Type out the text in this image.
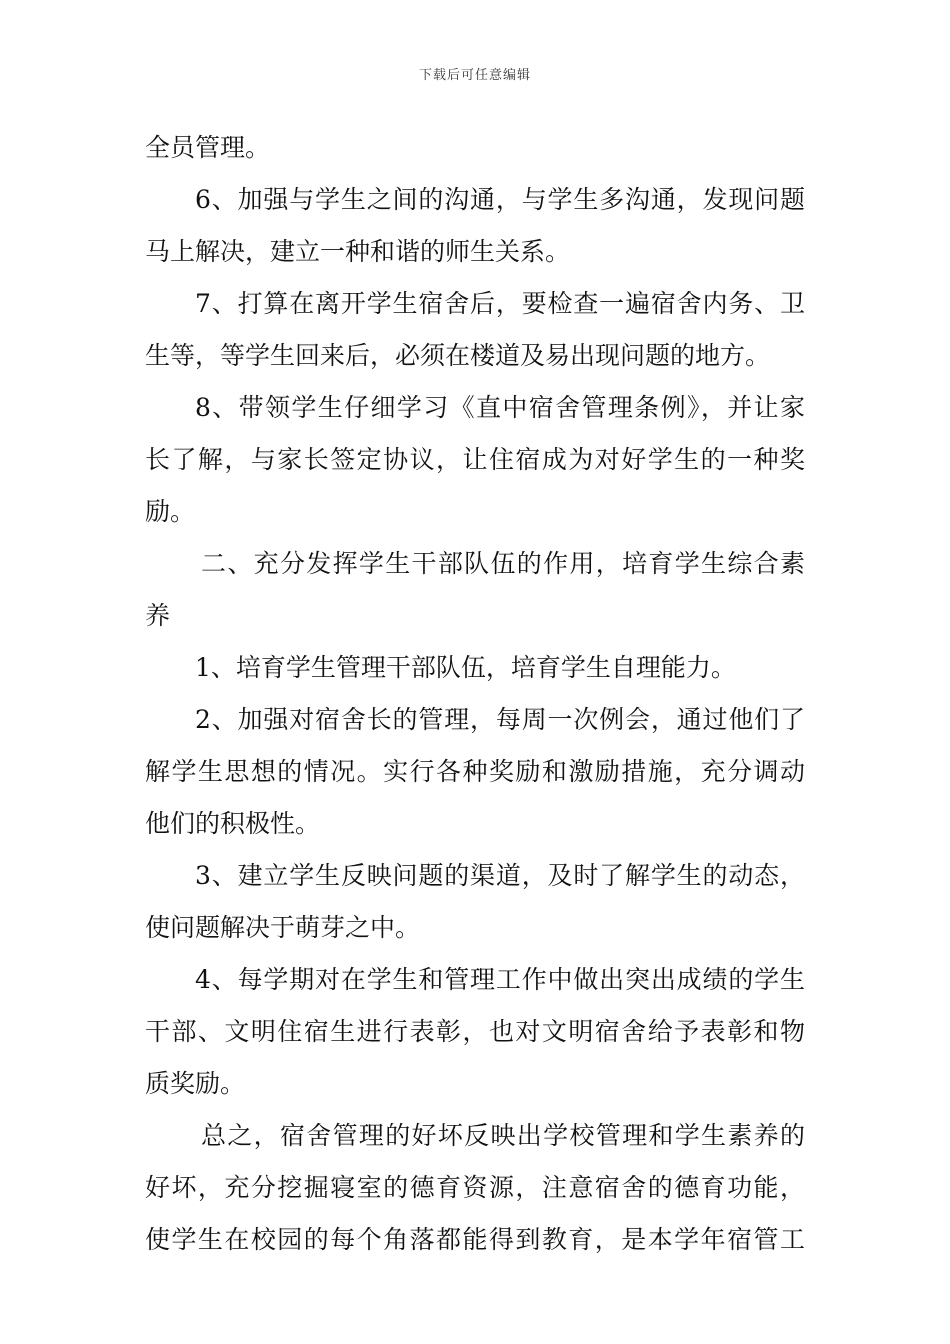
下载后可任意编辑
全员管理。
6、加强与学生之间的沟通，与学生多沟通，发现问题
马上解决，建立一种和谐的师生关系。
7、打算在离开学生宿舍后，要检查一遍宿舍内务、卫
生等，等学生回来后，必须在楼道及易出现问题的地方。
8、带领学生仔细学习《直中宿舍管理条例》，并让家
长了解，与家长签定协议，让住宿成为对好学生的一种奖
励。
二、充分发挥学生干部队伍的作用，培育学生综合素
养
1、培育学生管理干部队伍，培育学生自理能力。
2、加强对宿舍长的管理，每周一次例会，通过他们了
解学生思想的情况。实行各种奖励和激励措施，充分调动
他们的积极性。
3、建立学生反映问题的渠道，及时了解学生的动态，
使问题解决于萌芽之中。
4、每学期对在学生和管理工作中做出突出成绩的学生
干部、文明住宿生进行表彰，也对文明宿舍给予表彰和物
质奖励。
总之，宿舍管理的好坏反映出学校管理和学生素养的
好坏，充分挖掘寝室的德育资源，注意宿舍的德育功能，
使学生在校园的每个角落都能得到教育，是本学年宿管工
